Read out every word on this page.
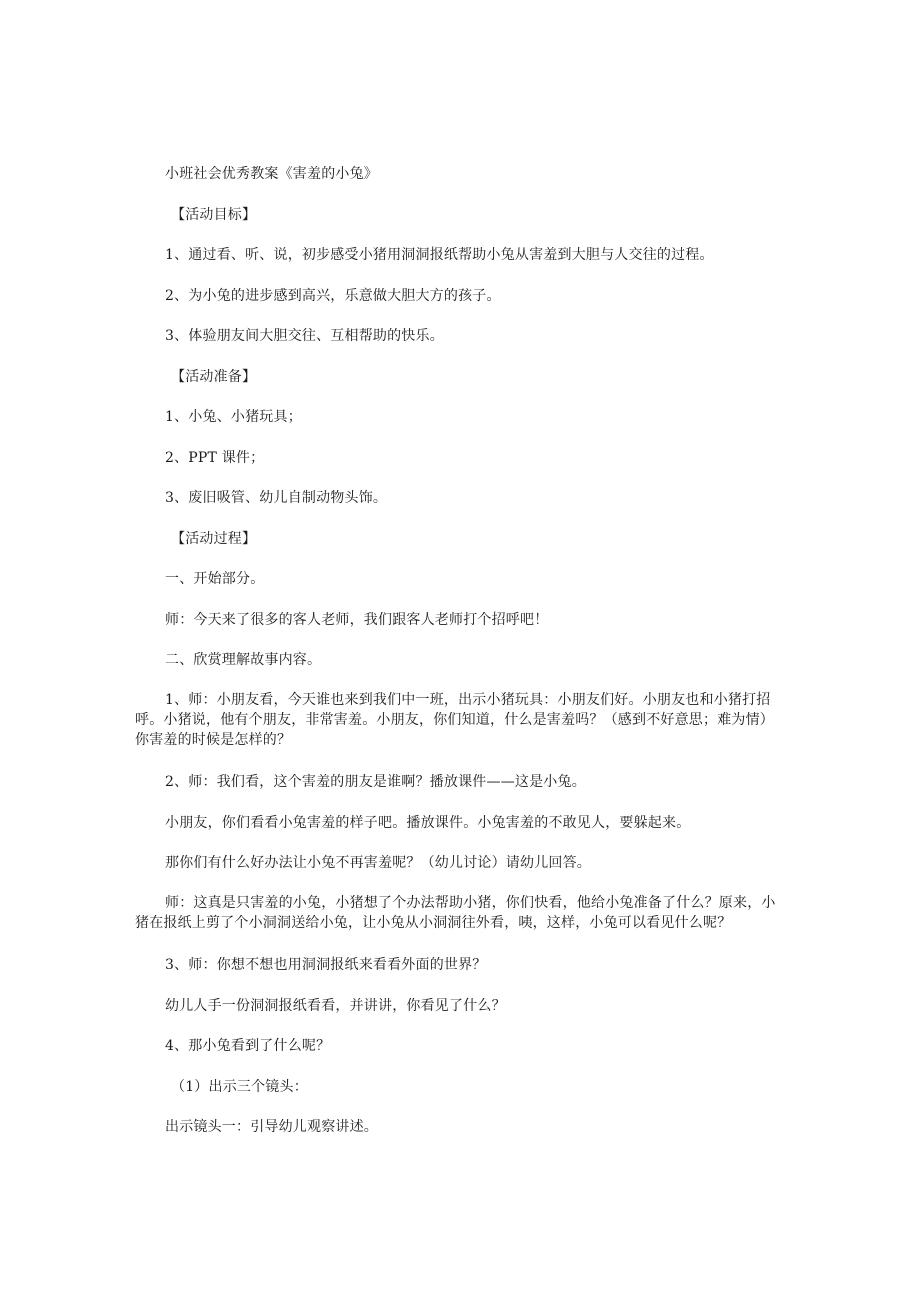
小班社会优秀教案《害羞的小兔》
【活动目标】
1、通过看、听、说，初步感受小猪用洞洞报纸帮助小兔从害羞到大胆与人交往的过程。
2、为小兔的进步感到高兴，乐意做大胆大方的孩子。
3、体验朋友间大胆交往、互相帮助的快乐。
【活动准备】
1、小兔、小猪玩具；
2、PPT 课件；
3、废旧吸管、幼儿自制动物头饰。
【活动过程】
一、开始部分。
师：今天来了很多的客人老师，我们跟客人老师打个招呼吧！
二、欣赏理解故事内容。
1、师：小朋友看，今天谁也来到我们中一班，出示小猪玩具：小朋友们好。小朋友也和小猪打招呼。小猪说，他有个朋友，非常害羞。小朋友，你们知道，什么是害羞吗？（感到不好意思；难为情）你害羞的时候是怎样的？
2、师：我们看，这个害羞的朋友是谁啊？播放课件——这是小兔。
小朋友，你们看看小兔害羞的样子吧。播放课件。小兔害羞的不敢见人，要躲起来。
那你们有什么好办法让小兔不再害羞呢？（幼儿讨论）请幼儿回答。
师：这真是只害羞的小兔，小猪想了个办法帮助小猪，你们快看，他给小兔准备了什么？原来，小猪在报纸上剪了个小洞洞送给小兔，让小兔从小洞洞往外看，咦，这样，小兔可以看见什么呢？
3、师：你想不想也用洞洞报纸来看看外面的世界？
幼儿人手一份洞洞报纸看看，并讲讲，你看见了什么？
4、那小兔看到了什么呢？
（1）出示三个镜头：
出示镜头一：引导幼儿观察讲述。
